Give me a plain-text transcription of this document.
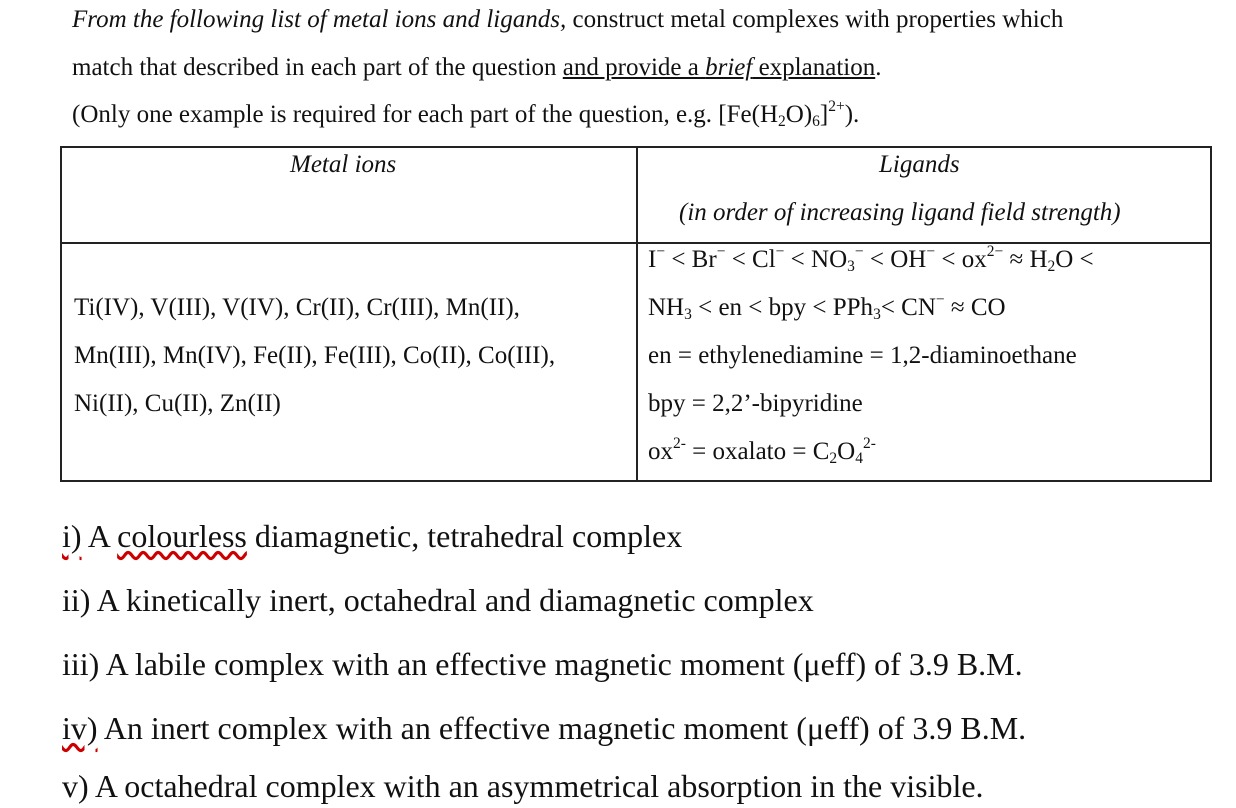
From the following list of metal ions and ligands, construct metal complexes with properties which
match that described in each part of the question and provide a brief explanation.
(Only one example is required for each part of the question, e.g. $[Fe(H_2O)_6]^{2+}$).
Metal ions	Ligands
(in order of increasing ligand field strength)
Ti(IV), V(III), V(IV), Cr(II), Cr(III), Mn(II),
Mn(III), Mn(IV), Fe(II), Fe(III), Co(II), Co(III),
Ni(II), Cu(II), Zn(II)
$I^- < Br^- < Cl^- < NO_3^- < OH^- < ox^{2-} \approx H_2O$ <
$NH_3$ < en < bpy < PPh$_3$< CN− ≈ CO
en = ethylenediamine = 1,2-diaminoethane
bpy = 2,2’-bipyridine
$ox^{2-}$ = oxalato = $C_2O_4^{2-}$
i) A colourless diamagnetic, tetrahedral complex
ii) A kinetically inert, octahedral and diamagnetic complex
iii) A labile complex with an effective magnetic moment (μeff) of 3.9 B.M.
iv) An inert complex with an effective magnetic moment (μeff) of 3.9 B.M.
v) A octahedral complex with an asymmetrical absorption in the visible.
